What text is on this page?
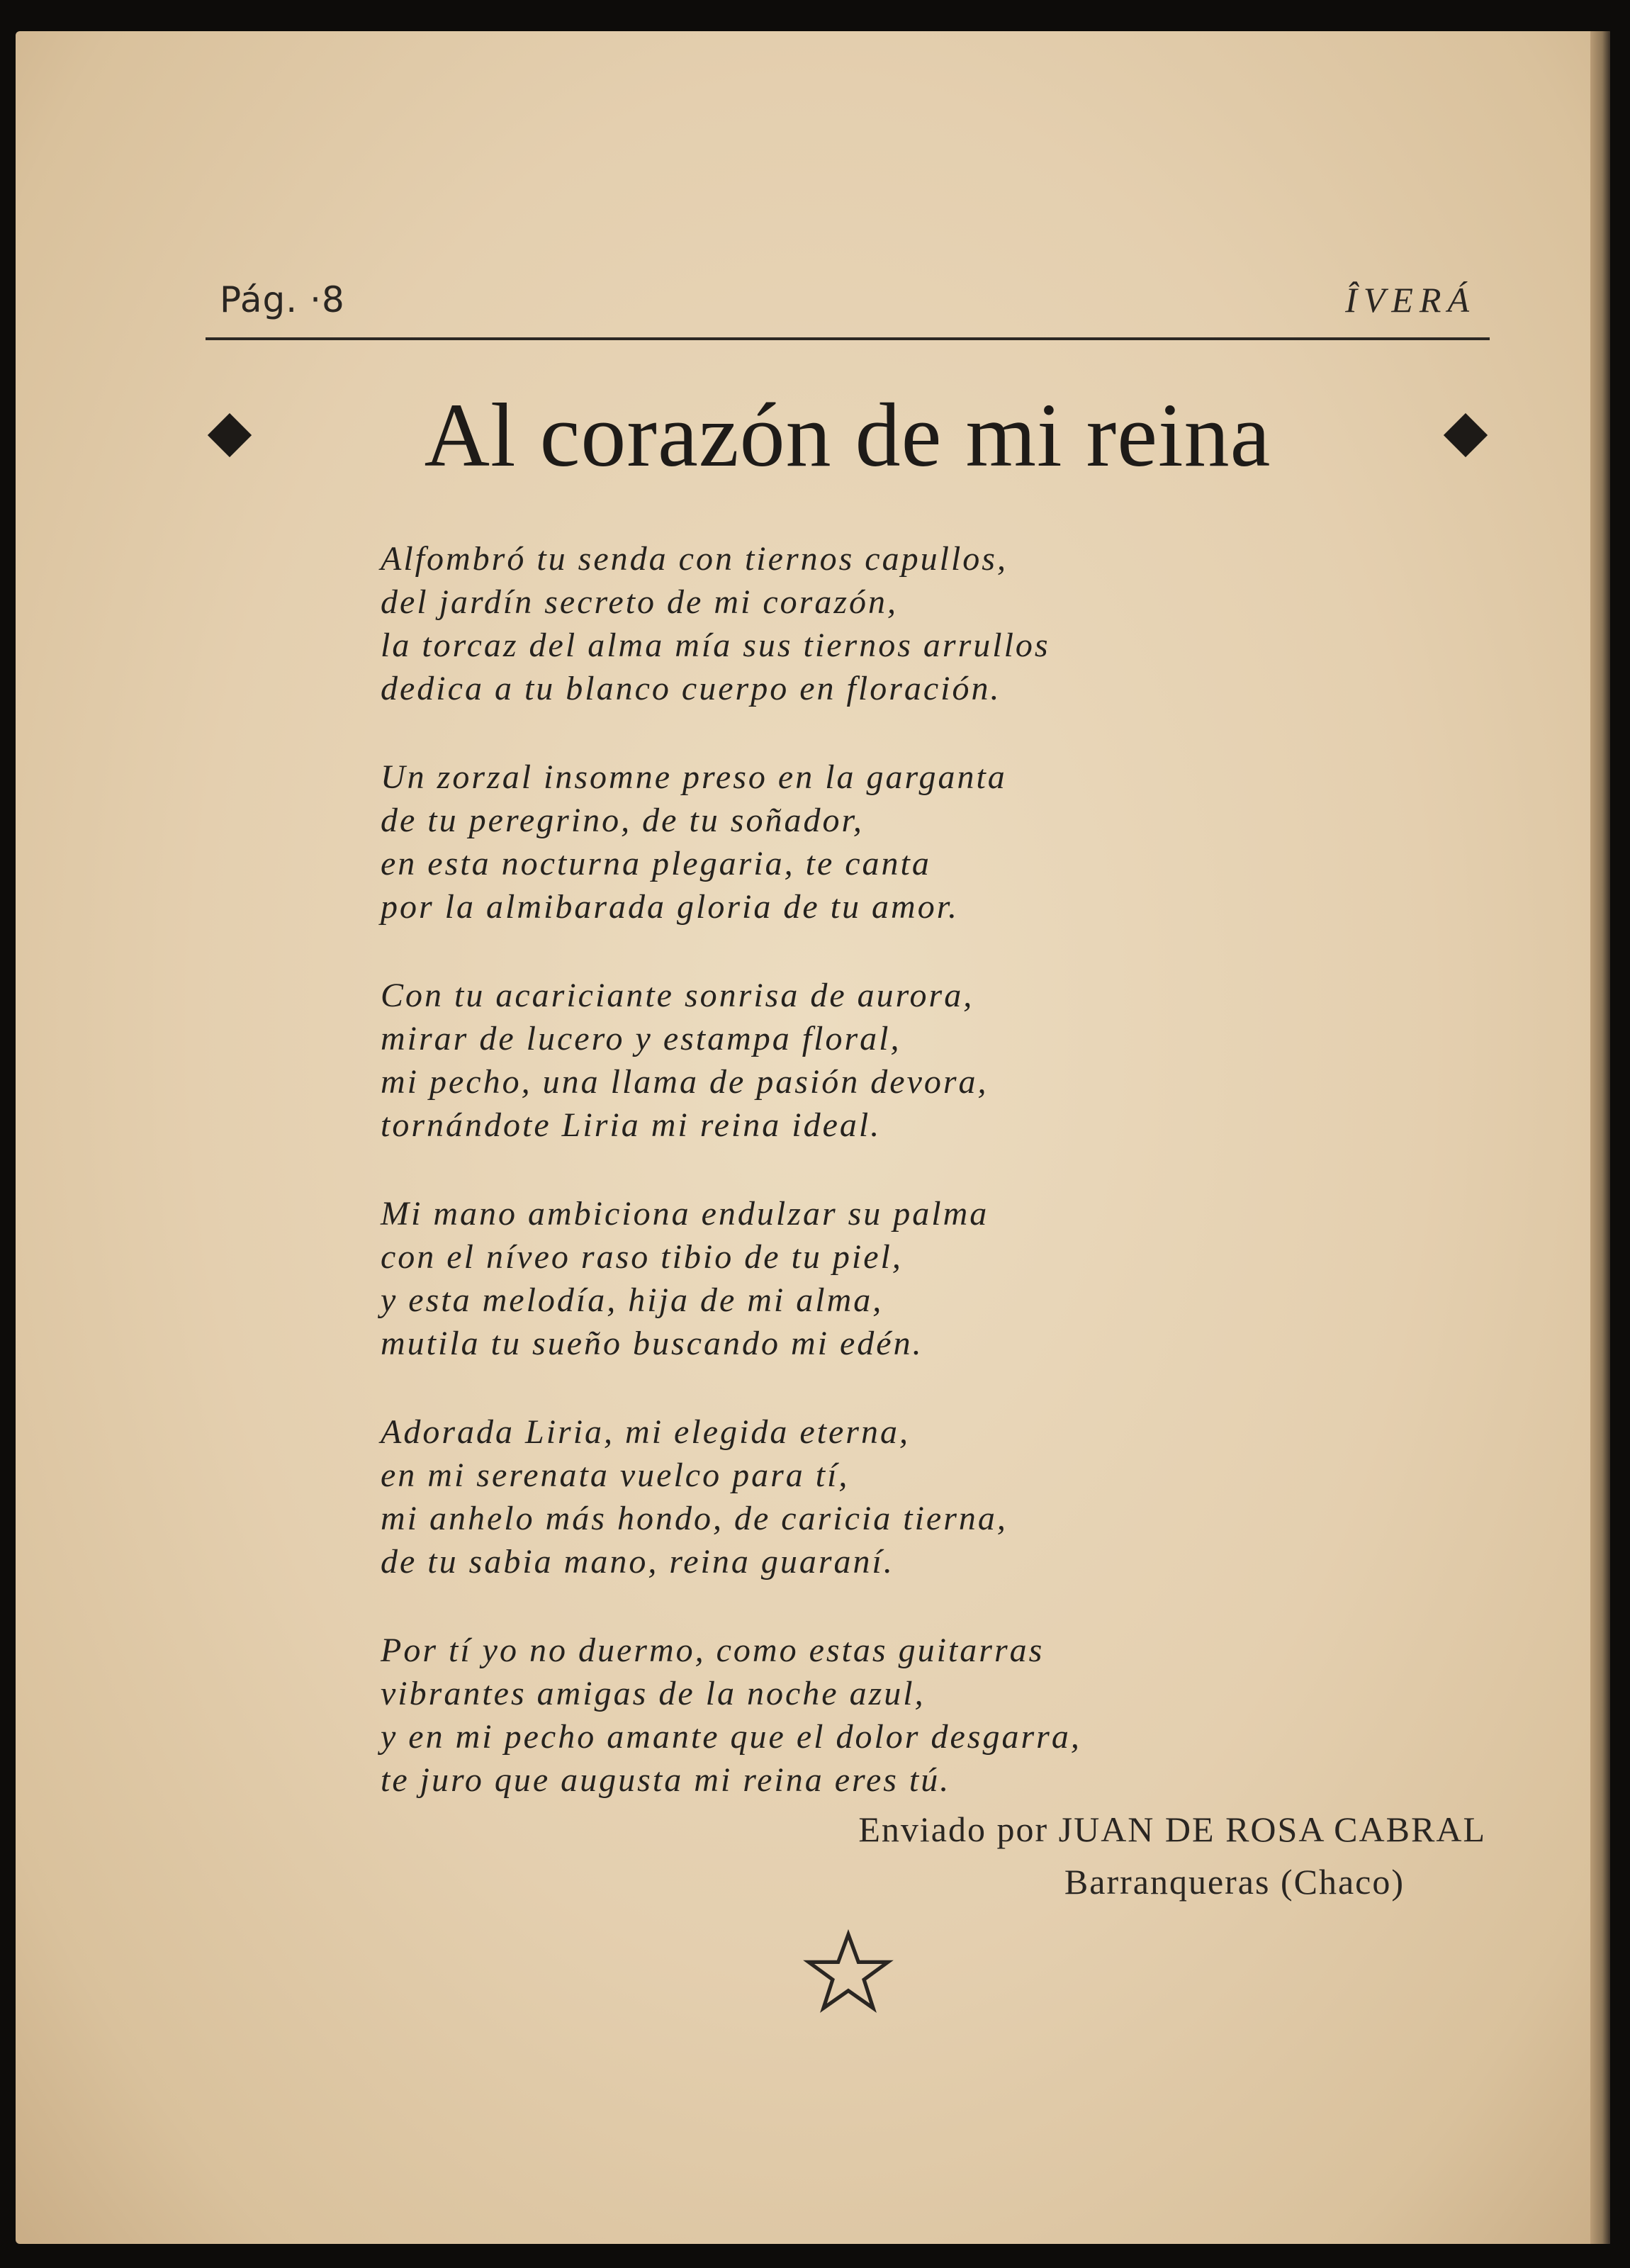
Pág. ·8	ÎVERÁ
Al corazón de mi reina
Alfombró tu senda con tiernos capullos,
del jardín secreto de mi corazón,
la torcaz del alma mía sus tiernos arrullos
dedica a tu blanco cuerpo en floración.
Un zorzal insomne preso en la garganta
de tu peregrino, de tu soñador,
en esta nocturna plegaria, te canta
por la almibarada gloria de tu amor.
Con tu acariciante sonrisa de aurora,
mirar de lucero y estampa floral,
mi pecho, una llama de pasión devora,
tornándote Liria mi reina ideal.
Mi mano ambiciona endulzar su palma
con el níveo raso tibio de tu piel,
y esta melodía, hija de mi alma,
mutila tu sueño buscando mi edén.
Adorada Liria, mi elegida eterna,
en mi serenata vuelco para tí,
mi anhelo más hondo, de caricia tierna,
de tu sabia mano, reina guaraní.
Por tí yo no duermo, como estas guitarras
vibrantes amigas de la noche azul,
y en mi pecho amante que el dolor desgarra,
te juro que augusta mi reina eres tú.
Enviado por JUAN DE ROSA CABRAL
Barranqueras (Chaco)
